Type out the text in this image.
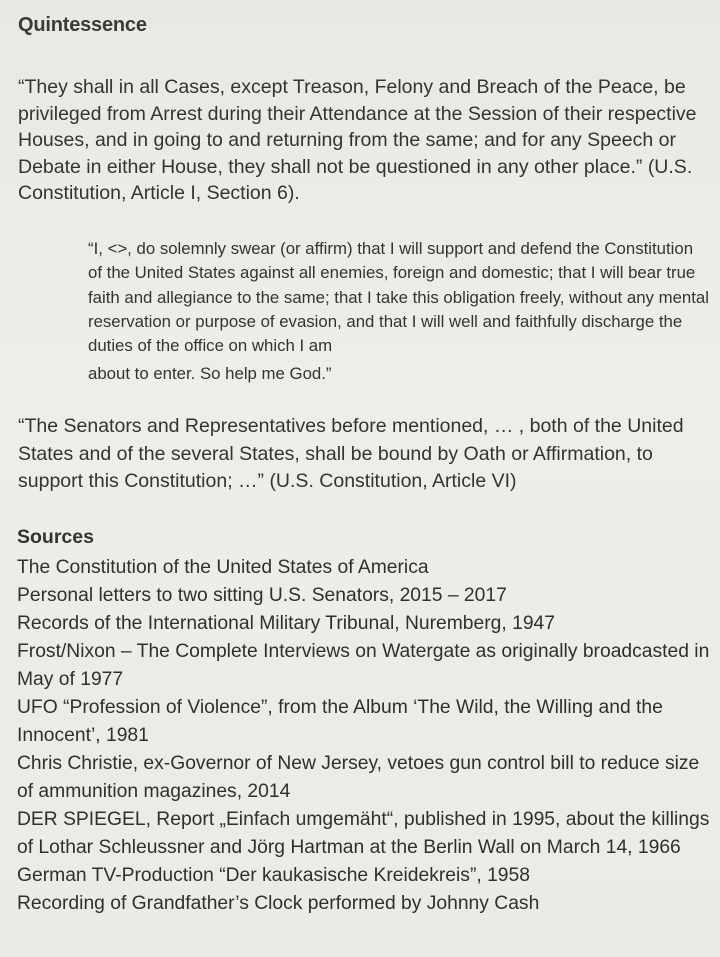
Quintessence

“They shall in all Cases, except Treason, Felony and Breach of the Peace, be privileged from Arrest during their Attendance at the Session of their respective Houses, and in going to and returning from the same; and for any Speech or Debate in either House, they shall not be questioned in any other place.” (U.S. Constitution, Article I, Section 6).

“I, <>, do solemnly swear (or affirm) that I will support and defend the Constitution of the United States against all enemies, foreign and domestic; that I will bear true faith and allegiance to the same; that I take this obligation freely, without any mental reservation or purpose of evasion, and that I will well and faithfully discharge the duties of the office on which I am
about to enter. So help me God.”

“The Senators and Representatives before mentioned, … , both of the United States and of the several States, shall be bound by Oath or Affirmation, to support this Constitution; …” (U.S. Constitution, Article VI)

Sources
The Constitution of the United States of America
Personal letters to two sitting U.S. Senators, 2015 – 2017
Records of the International Military Tribunal, Nuremberg, 1947
Frost/Nixon – The Complete Interviews on Watergate as originally broadcasted in May of 1977
UFO “Profession of Violence”, from the Album ‘The Wild, the Willing and the Innocent’, 1981
Chris Christie, ex-Governor of New Jersey, vetoes gun control bill to reduce size of ammunition magazines, 2014
DER SPIEGEL, Report „Einfach umgemäht“, published in 1995, about the killings of Lothar Schleussner and Jörg Hartman at the Berlin Wall on March 14, 1966
German TV-Production “Der kaukasische Kreidekreis”, 1958
Recording of Grandfather’s Clock performed by Johnny Cash
